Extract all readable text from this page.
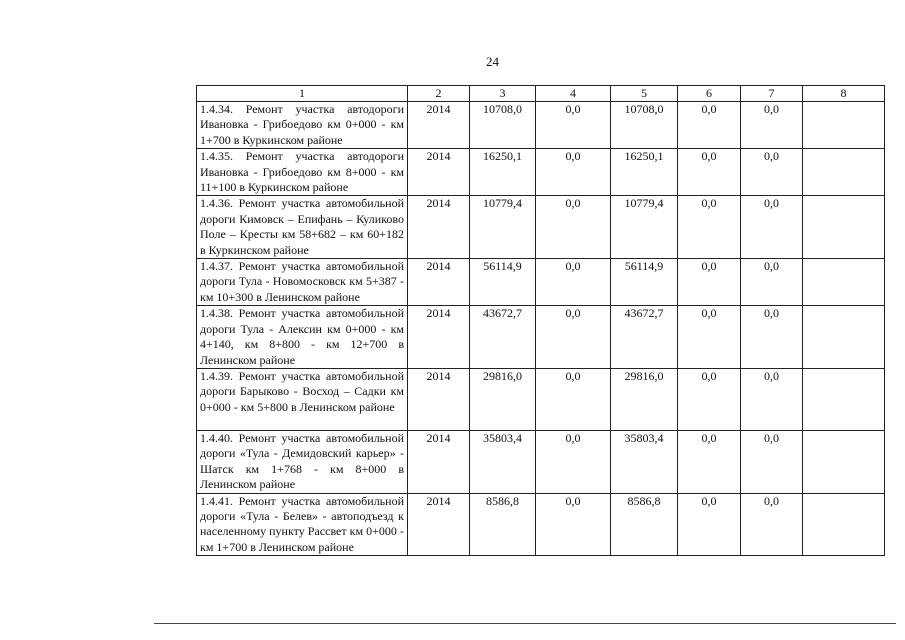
24
1	2	3	4	5	6	7	8
1.4.34. Ремонт участка автодороги Ивановка - Грибоедово км 0+000 - км 1+700 в Куркинском районе	2014	10708,0	0,0	10708,0	0,0	0,0	
1.4.35. Ремонт участка автодороги Ивановка - Грибоедово км 8+000 - км 11+100 в Куркинском районе	2014	16250,1	0,0	16250,1	0,0	0,0	
1.4.36. Ремонт участка автомобильной дороги Кимовск – Епифань – Куликово Поле – Кресты км 58+682 – км 60+182 в Куркинском районе	2014	10779,4	0,0	10779,4	0,0	0,0	
1.4.37. Ремонт участка автомобильной дороги Тула - Новомосковск км 5+387 - км 10+300 в Ленинском районе	2014	56114,9	0,0	56114,9	0,0	0,0	
1.4.38. Ремонт участка автомобильной дороги Тула - Алексин км 0+000 - км 4+140, км 8+800 - км 12+700 в Ленинском районе	2014	43672,7	0,0	43672,7	0,0	0,0	
1.4.39. Ремонт участка автомобильной дороги Барыково - Восход – Садки км 0+000 - км 5+800 в Ленинском районе	2014	29816,0	0,0	29816,0	0,0	0,0	
1.4.40. Ремонт участка автомобильной дороги «Тула - Демидовский карьер» - Шатск км 1+768 - км 8+000 в Ленинском районе	2014	35803,4	0,0	35803,4	0,0	0,0	
1.4.41. Ремонт участка автомобильной дороги «Тула - Белев» - автоподъезд к населенному пункту Рассвет км 0+000 - км 1+700 в Ленинском районе	2014	8586,8	0,0	8586,8	0,0	0,0	
